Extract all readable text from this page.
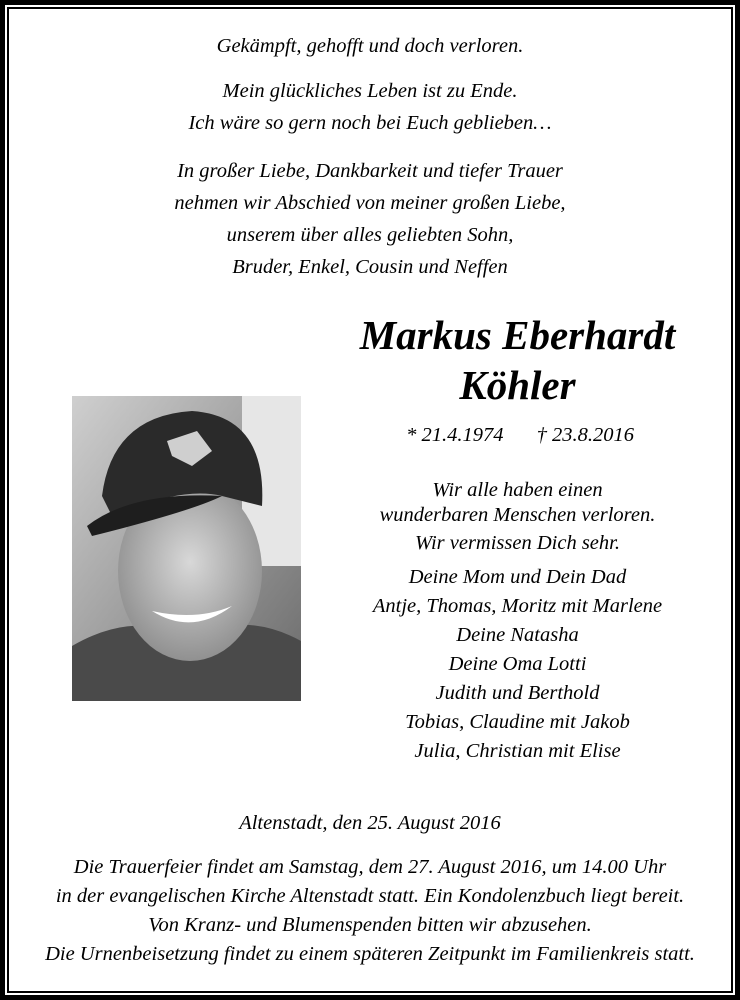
Gekämpft, gehofft und doch verloren.
Mein glückliches Leben ist zu Ende.
Ich wäre so gern noch bei Euch geblieben…
In großer Liebe, Dankbarkeit und tiefer Trauer
nehmen wir Abschied von meiner großen Liebe,
unserem über alles geliebten Sohn,
Bruder, Enkel, Cousin und Neffen
Markus Eberhardt
Köhler
* 21.4.1974 † 23.8.2016
Wir alle haben einen
wunderbaren Menschen verloren.
Wir vermissen Dich sehr.
Deine Mom und Dein Dad
Antje, Thomas, Moritz mit Marlene
Deine Natasha
Deine Oma Lotti
Judith und Berthold
Tobias, Claudine mit Jakob
Julia, Christian mit Elise
Altenstadt, den 25. August 2016
Die Trauerfeier findet am Samstag, dem 27. August 2016, um 14.00 Uhr
in der evangelischen Kirche Altenstadt statt. Ein Kondolenzbuch liegt bereit.
Von Kranz- und Blumenspenden bitten wir abzusehen.
Die Urnenbeisetzung findet zu einem späteren Zeitpunkt im Familienkreis statt.
